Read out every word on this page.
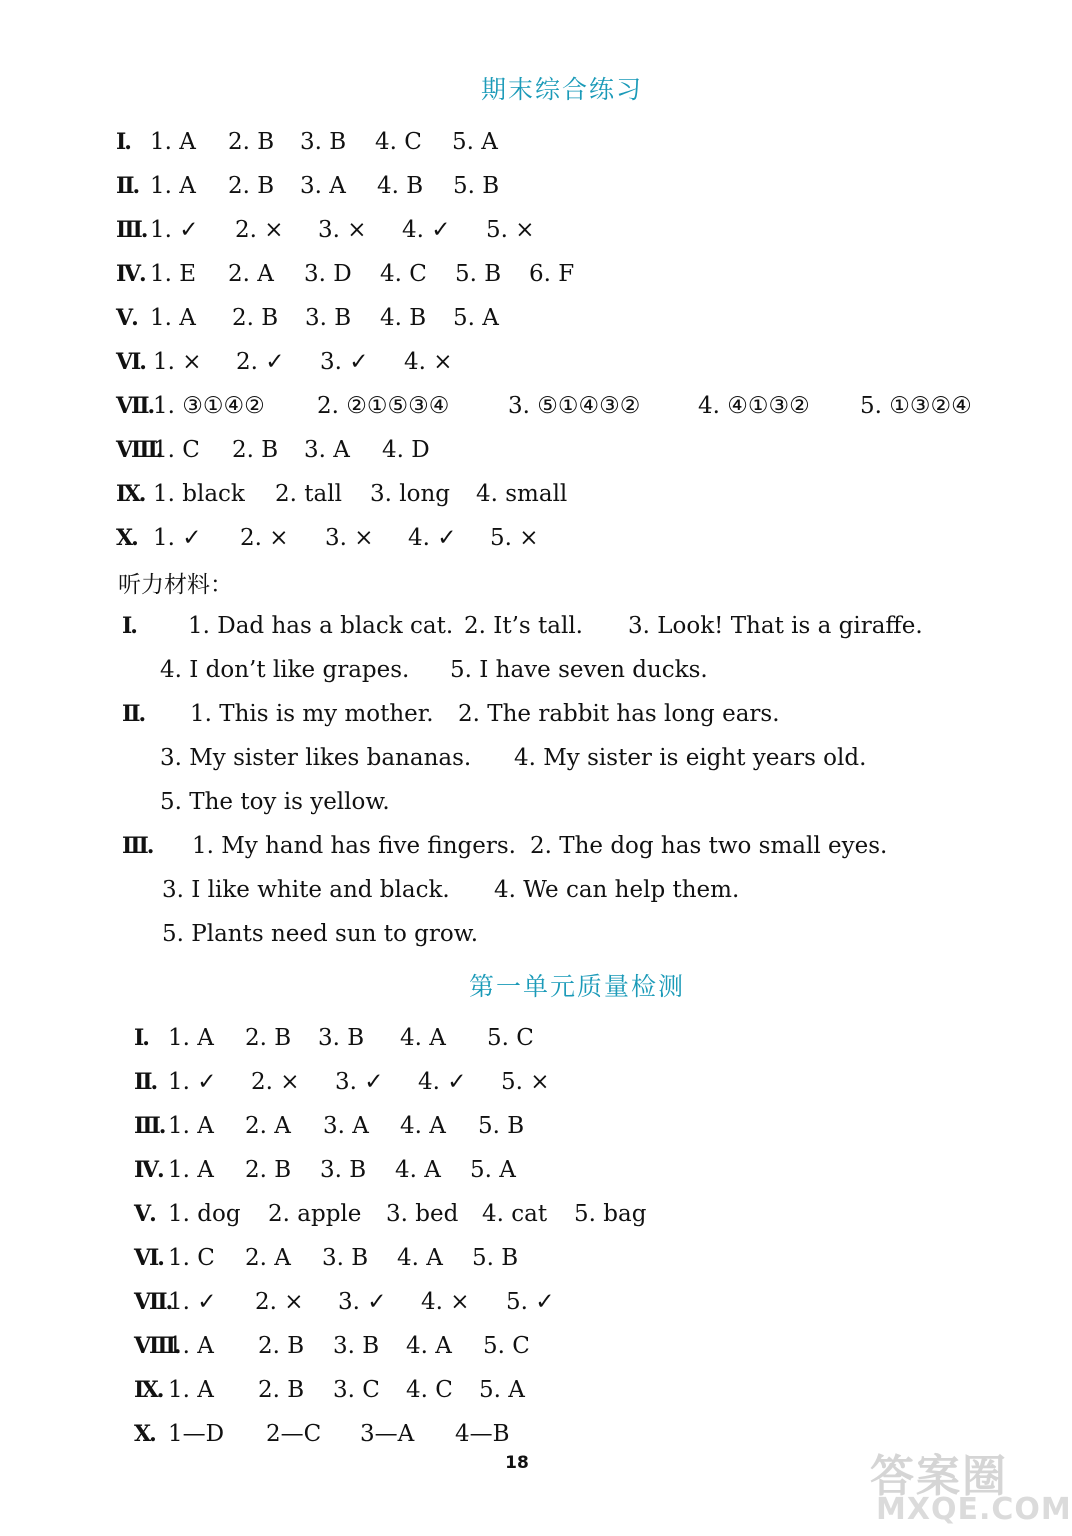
期末综合练习
Ⅰ. 1. A 2. B 3. B 4. C 5. A
Ⅱ. 1. A 2. B 3. A 4. B 5. B
Ⅲ. 1. ✓ 2. × 3. × 4. ✓ 5. ×
Ⅳ. 1. E 2. A 3. D 4. C 5. B 6. F
Ⅴ. 1. A 2. B 3. B 4. B 5. A
Ⅵ. 1. × 2. ✓ 3. ✓ 4. ×
Ⅶ. 1. ③①④② 2. ②①⑤③④	3. ⑤①④③②	4. ④①③② 5. ①③②④
Ⅷ.
1. C 2. B 3. A 4. D
Ⅸ. 1. black 2. tall 3. long 4. small
Ⅹ. 1. ✓ 2. × 3. × 4. ✓ 5. ×
听力材料：
Ⅰ. 1. Dad has a black cat. 2. It’s tall. 3. Look! That is a giraffe.
4. I don’t like grapes. 5. I have seven ducks.
Ⅱ. 1. This is my mother. 2. The rabbit has long ears.
3. My sister likes bananas. 4. My sister is eight years old.
5. The toy is yellow.
Ⅲ. 1. My hand has five fingers. 2. The dog has two small eyes.
3. I like white and black. 4. We can help them.
5. Plants need sun to grow.
第一单元质量检测
Ⅰ. 1. A 2. B 3. B 4. A 5. C
Ⅱ. 1. ✓ 2. × 3. ✓ 4. ✓ 5. ×
Ⅲ. 1. A 2. A 3. A 4. A 5. B
Ⅳ. 1. A 2. B 3. B 4. A 5. A
Ⅴ. 1. dog 2. apple 3. bed 4. cat 5. bag
Ⅵ. 1. C 2. A 3. B 4. A 5. B
Ⅶ.
1. ✓ 2. × 3. ✓ 4. × 5. ✓
Ⅷ.
1. A 2. B 3. B 4. A 5. C
Ⅸ. 1. A 2. B 3. C 4. C 5. A
Ⅹ. 1—D 2—C 3—A 4—B
18	答案圈
MXQE.COM
